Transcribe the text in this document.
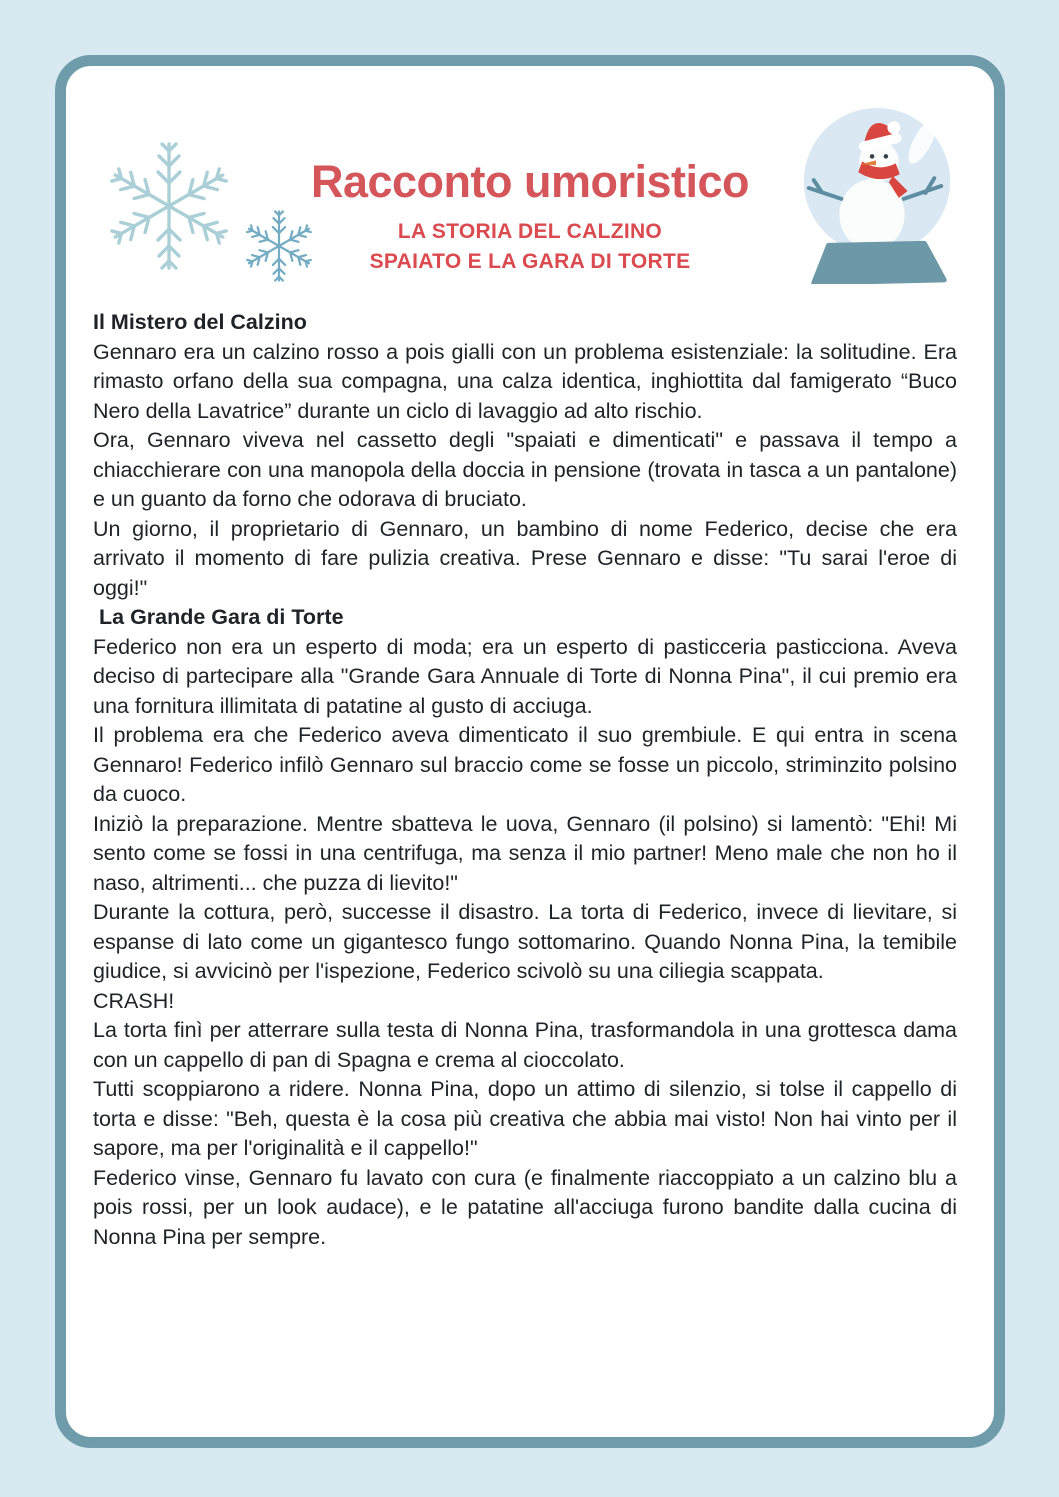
Racconto umoristico
LA STORIA DEL CALZINO
SPAIATO E LA GARA DI TORTE

Il Mistero del Calzino

Gennaro era un calzino rosso a pois gialli con un problema esistenziale: la solitudine. Era rimasto orfano della sua compagna, una calza identica, inghiottita dal famigerato “Buco Nero della Lavatrice” durante un ciclo di lavaggio ad alto rischio.

Ora, Gennaro viveva nel cassetto degli "spaiati e dimenticati" e passava il tempo a chiacchierare con una manopola della doccia in pensione (trovata in tasca a un pantalone) e un guanto da forno che odorava di bruciato.

Un giorno, il proprietario di Gennaro, un bambino di nome Federico, decise che era arrivato il momento di fare pulizia creativa. Prese Gennaro e disse: "Tu sarai l'eroe di oggi!"

La Grande Gara di Torte

Federico non era un esperto di moda; era un esperto di pasticceria pasticciona. Aveva deciso di partecipare alla "Grande Gara Annuale di Torte di Nonna Pina", il cui premio era una fornitura illimitata di patatine al gusto di acciuga.

Il problema era che Federico aveva dimenticato il suo grembiule. E qui entra in scena Gennaro! Federico infilò Gennaro sul braccio come se fosse un piccolo, striminzito polsino da cuoco.

Iniziò la preparazione. Mentre sbatteva le uova, Gennaro (il polsino) si lamentò: "Ehi! Mi sento come se fossi in una centrifuga, ma senza il mio partner! Meno male che non ho il naso, altrimenti... che puzza di lievito!"

Durante la cottura, però, successe il disastro. La torta di Federico, invece di lievitare, si espanse di lato come un gigantesco fungo sottomarino. Quando Nonna Pina, la temibile giudice, si avvicinò per l'ispezione, Federico scivolò su una ciliegia scappata.

CRASH!

La torta finì per atterrare sulla testa di Nonna Pina, trasformandola in una grottesca dama con un cappello di pan di Spagna e crema al cioccolato.

Tutti scoppiarono a ridere. Nonna Pina, dopo un attimo di silenzio, si tolse il cappello di torta e disse: "Beh, questa è la cosa più creativa che abbia mai visto! Non hai vinto per il sapore, ma per l'originalità e il cappello!"

Federico vinse, Gennaro fu lavato con cura (e finalmente riaccoppiato a un calzino blu a pois rossi, per un look audace), e le patatine all'acciuga furono bandite dalla cucina di Nonna Pina per sempre.
